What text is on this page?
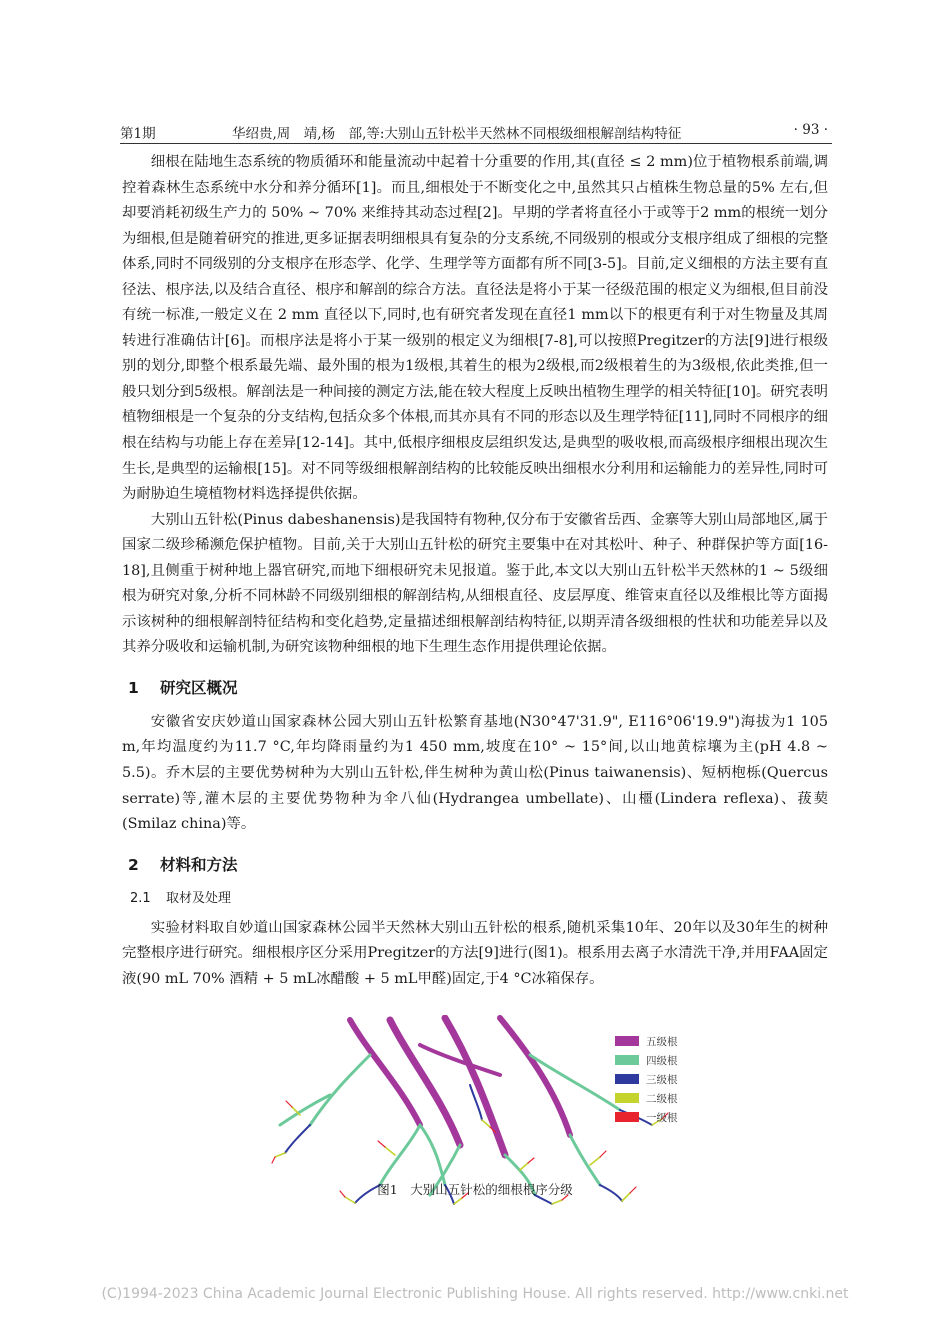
第1期	华绍贵,周　靖,杨　部,等:大别山五针松半天然林不同根级细根解剖结构特征	· 93 ·

细根在陆地生态系统的物质循环和能量流动中起着十分重要的作用,其(直径 ≤ 2 mm)位于植物根系前端,调控着森林生态系统中水分和养分循环[1]。而且,细根处于不断变化之中,虽然其只占植株生物总量的5% 左右,但却要消耗初级生产力的 50% ~ 70% 来维持其动态过程[2]。早期的学者将直径小于或等于2 mm的根统一划分为细根,但是随着研究的推进,更多证据表明细根具有复杂的分支系统,不同级别的根或分支根序组成了细根的完整体系,同时不同级别的分支根序在形态学、化学、生理学等方面都有所不同[3-5]。目前,定义细根的方法主要有直径法、根序法,以及结合直径、根序和解剖的综合方法。直径法是将小于某一径级范围的根定义为细根,但目前没有统一标准,一般定义在 2 mm 直径以下,同时,也有研究者发现在直径1 mm以下的根更有利于对生物量及其周转进行准确估计[6]。而根序法是将小于某一级别的根定义为细根[7-8],可以按照Pregitzer的方法[9]进行根级别的划分,即整个根系最先端、最外围的根为1级根,其着生的根为2级根,而2级根着生的为3级根,依此类推,但一般只划分到5级根。解剖法是一种间接的测定方法,能在较大程度上反映出植物生理学的相关特征[10]。研究表明植物细根是一个复杂的分支结构,包括众多个体根,而其亦具有不同的形态以及生理学特征[11],同时不同根序的细根在结构与功能上存在差异[12-14]。其中,低根序细根皮层组织发达,是典型的吸收根,而高级根序细根出现次生生长,是典型的运输根[15]。对不同等级细根解剖结构的比较能反映出细根水分利用和运输能力的差异性,同时可为耐胁迫生境植物材料选择提供依据。

大别山五针松(Pinus dabeshanensis)是我国特有物种,仅分布于安徽省岳西、金寨等大别山局部地区,属于国家二级珍稀濒危保护植物。目前,关于大别山五针松的研究主要集中在对其松叶、种子、种群保护等方面[16-18],且侧重于树种地上器官研究,而地下细根研究未见报道。鉴于此,本文以大别山五针松半天然林的1 ~ 5级细根为研究对象,分析不同林龄不同级别细根的解剖结构,从细根直径、皮层厚度、维管束直径以及维根比等方面揭示该树种的细根解剖特征结构和变化趋势,定量描述细根解剖结构特征,以期弄清各级细根的性状和功能差异以及其养分吸收和运输机制,为研究该物种细根的地下生理生态作用提供理论依据。

1 研究区概况

安徽省安庆妙道山国家森林公园大别山五针松繁育基地(N30°47'31.9", E116°06'19.9")海拔为1 105 m,年均温度约为11.7 °C,年均降雨量约为1 450 mm,坡度在10° ~ 15°间,以山地黄棕壤为主(pH 4.8 ~ 5.5)。乔木层的主要优势树种为大别山五针松,伴生树种为黄山松(Pinus taiwanensis)、短柄枹栎(Quercus serrate)等,灌木层的主要优势物种为伞八仙(Hydrangea umbellate)、山橿(Lindera reflexa)、菝葜(Smilaz china)等。

2 材料和方法
2.1 取材及处理

实验材料取自妙道山国家森林公园半天然林大别山五针松的根系,随机采集10年、20年以及30年生的树种完整根序进行研究。细根根序区分采用Pregitzer的方法[9]进行(图1)。根系用去离子水清洗干净,并用FAA固定液(90 mL 70% 酒精 + 5 mL冰醋酸 + 5 mL甲醛)固定,于4 °C冰箱保存。

五级根
四级根
三级根
二级根
一级根
图1　大别山五针松的细根根序分级
(C)1994-2023 China Academic Journal Electronic Publishing House. All rights reserved. http://www.cnki.net
